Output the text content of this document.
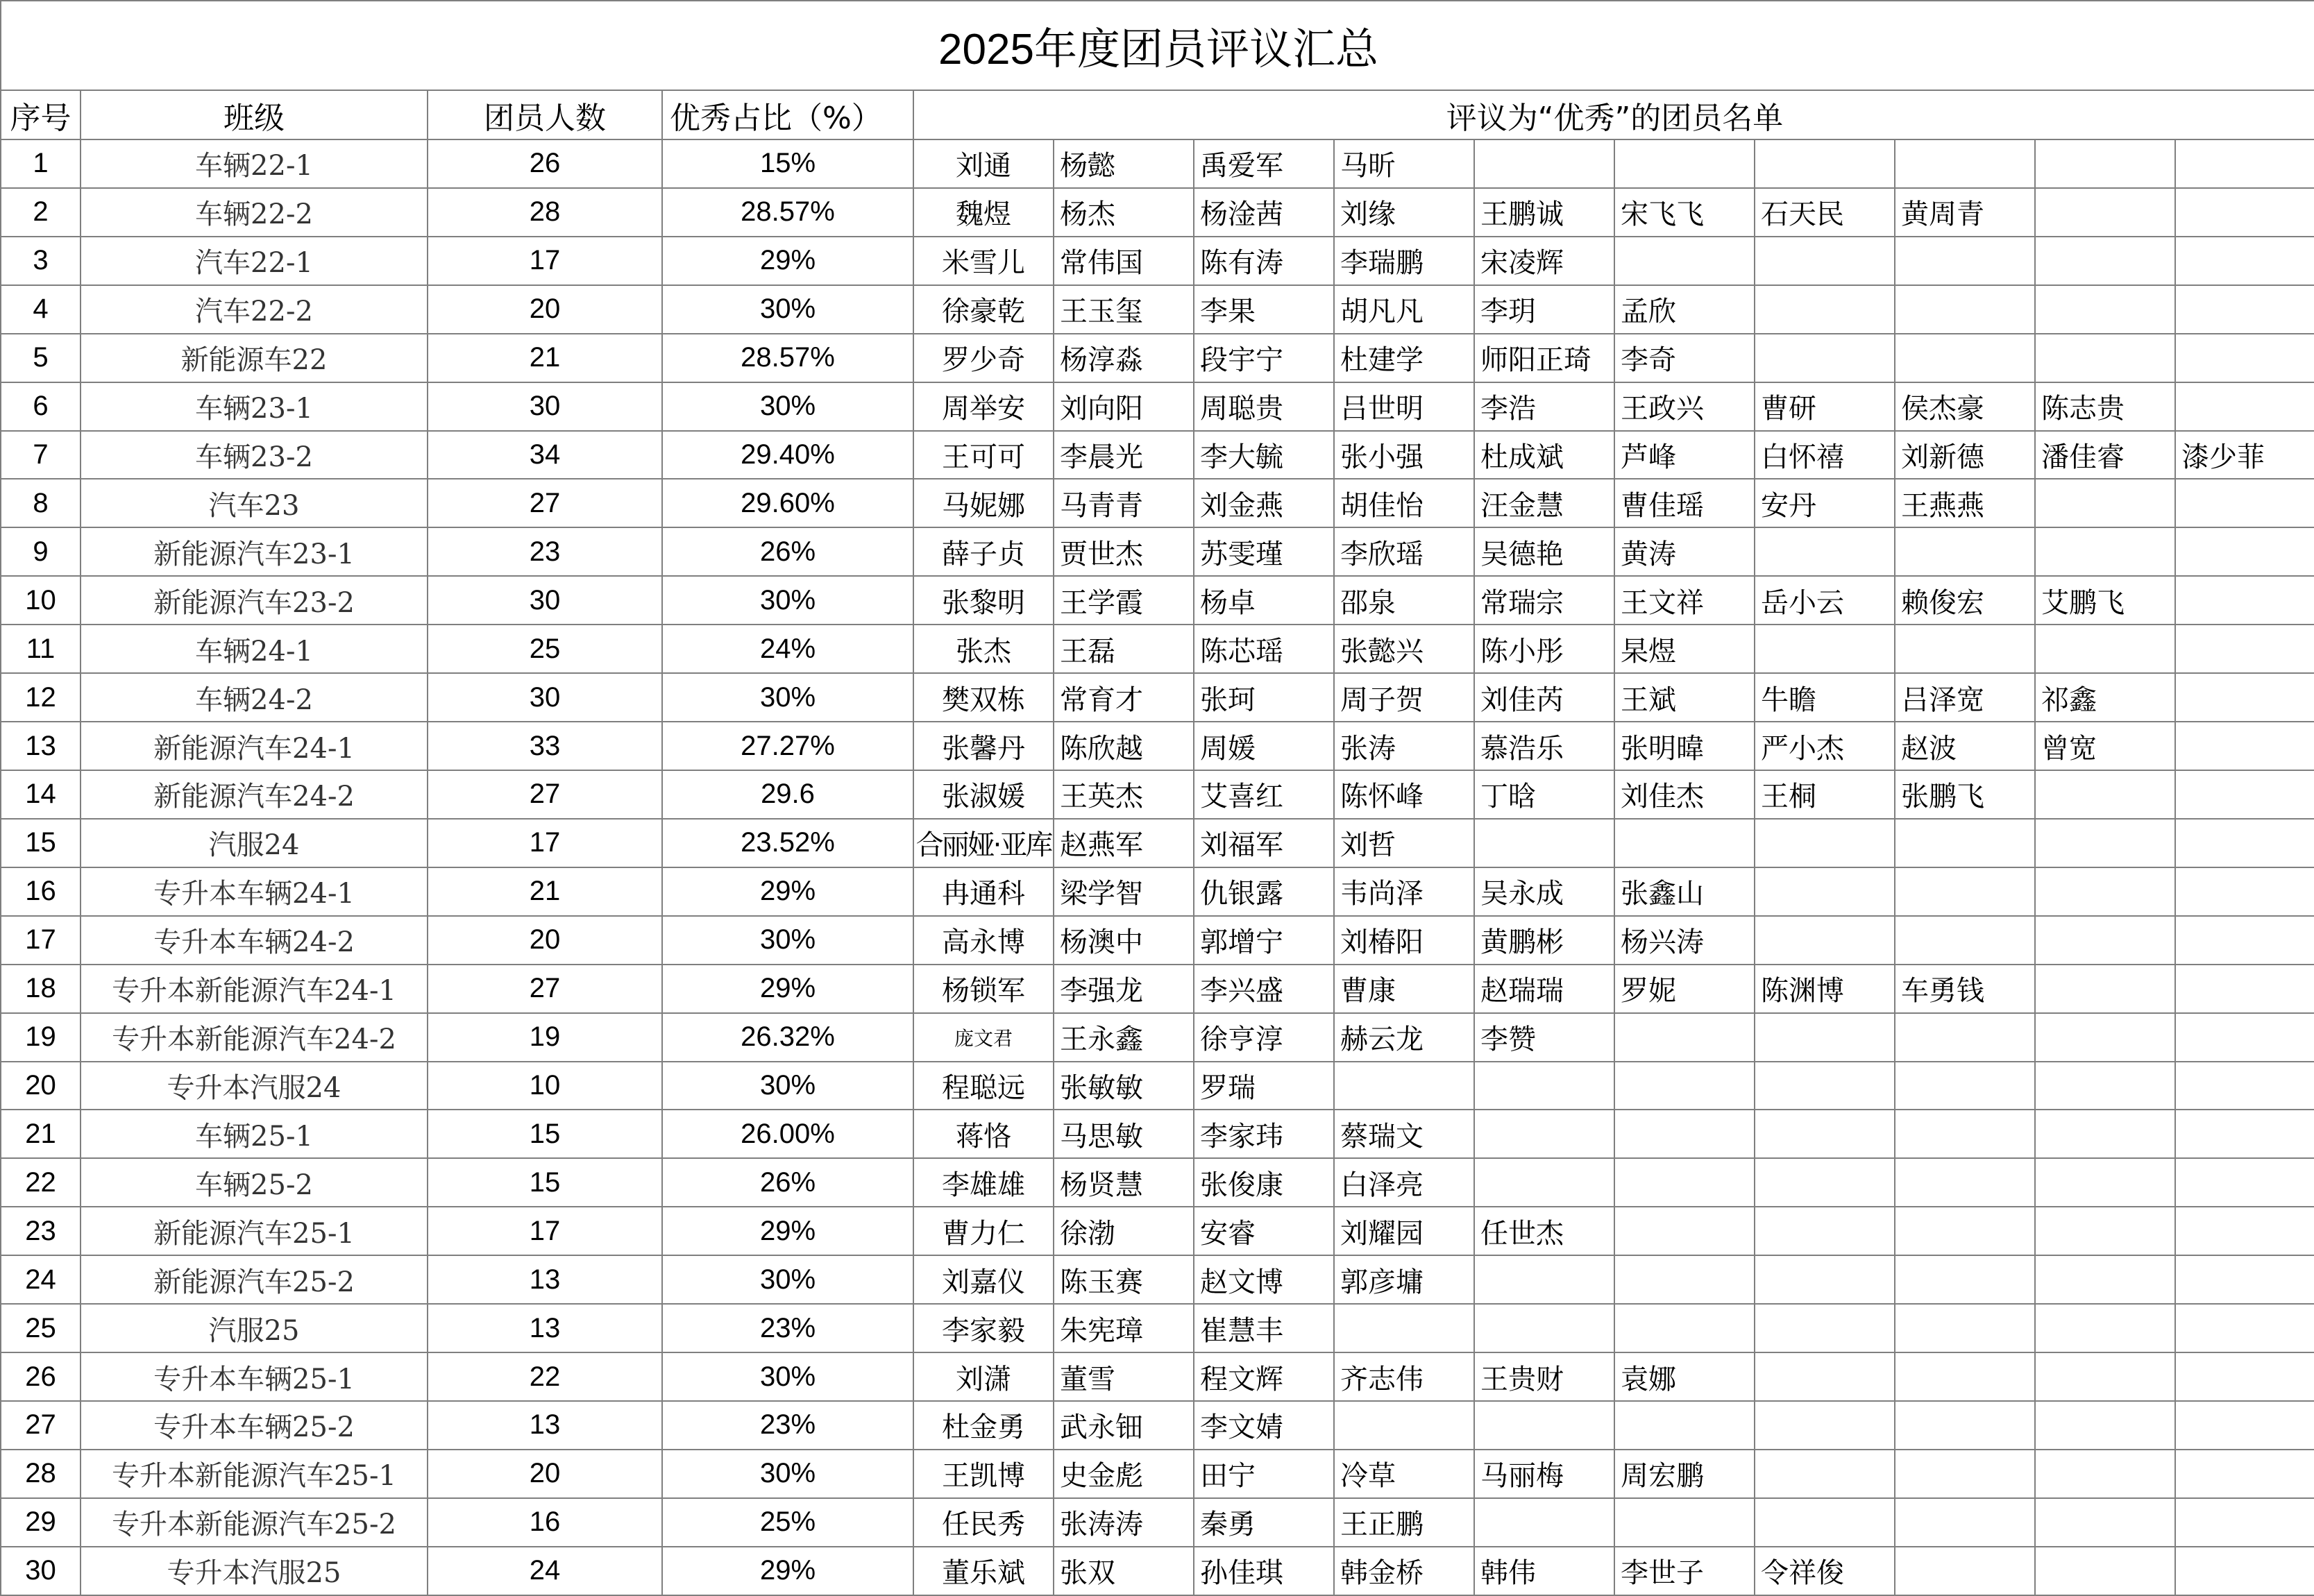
2025年度团员评议汇总													
序号	班级	团员人数	优秀占比（%）	评议为“优秀”的团员名单									
1	车辆22-1	26	15%	刘通	杨懿	禹爱军	马昕						
2	车辆22-2	28	28.57%	魏煜	杨杰	杨淦茜	刘缘	王鹏诚	宋飞飞	石天民	黄周青		
3	汽车22-1	17	29%	米雪儿	常伟国	陈有涛	李瑞鹏	宋凌辉					
4	汽车22-2	20	30%	徐豪乾	王玉玺	李果	胡凡凡	李玥	孟欣				
5	新能源车22	21	28.57%	罗少奇	杨淳淼	段宇宁	杜建学	师阳正琦	李奇				
6	车辆23-1	30	30%	周举安	刘向阳	周聪贵	吕世明	李浩	王政兴	曹研	侯杰豪	陈志贵	
7	车辆23-2	34	29.40%	王可可	李晨光	李大毓	张小强	杜成斌	芦峰	白怀禧	刘新德	潘佳睿	漆少菲
8	汽车23	27	29.60%	马妮娜	马青青	刘金燕	胡佳怡	汪金慧	曹佳瑶	安丹	王燕燕		
9	新能源汽车23-1	23	26%	薛子贞	贾世杰	苏雯瑾	李欣瑶	吴德艳	黄涛				
10	新能源汽车23-2	30	30%	张黎明	王学霞	杨卓	邵泉	常瑞宗	王文祥	岳小云	赖俊宏	艾鹏飞	
11	车辆24-1	25	24%	张杰	王磊	陈芯瑶	张懿兴	陈小彤	杲煜				
12	车辆24-2	30	30%	樊双栋	常育才	张珂	周子贺	刘佳芮	王斌	牛瞻	吕泽宽	祁鑫	
13	新能源汽车24-1	33	27.27%	张馨丹	陈欣越	周媛	张涛	慕浩乐	张明暐	严小杰	赵波	曾宽	
14	新能源汽车24-2	27	29.6	张淑媛	王英杰	艾喜红	陈怀峰	丁晗	刘佳杰	王桐	张鹏飞		
15	汽服24	17	23.52%	合丽娅·亚库	赵燕军	刘福军	刘哲						
16	专升本车辆24-1	21	29%	冉通科	梁学智	仇银露	韦尚泽	吴永成	张鑫山				
17	专升本车辆24-2	20	30%	高永博	杨澳中	郭增宁	刘椿阳	黄鹏彬	杨兴涛				
18	专升本新能源汽车24-1	27	29%	杨锁军	李强龙	李兴盛	曹康	赵瑞瑞	罗妮	陈渊博	车勇钱		
19	专升本新能源汽车24-2	19	26.32%	庞文君	王永鑫	徐亨淳	赫云龙	李赞					
20	专升本汽服24	10	30%	程聪远	张敏敏	罗瑞							
21	车辆25-1	15	26.00%	蒋恪	马思敏	李家玮	蔡瑞文						
22	车辆25-2	15	26%	李雄雄	杨贤慧	张俊康	白泽亮						
23	新能源汽车25-1	17	29%	曹力仁	徐渤	安睿	刘耀园	任世杰					
24	新能源汽车25-2	13	30%	刘嘉仪	陈玉赛	赵文博	郭彦墉						
25	汽服25	13	23%	李家毅	朱宪璋	崔慧丰							
26	专升本车辆25-1	22	30%	刘潇	董雪	程文辉	齐志伟	王贵财	袁娜				
27	专升本车辆25-2	13	23%	杜金勇	武永钿	李文婧							
28	专升本新能源汽车25-1	20	30%	王凯博	史金彪	田宁	冷草	马丽梅	周宏鹏				
29	专升本新能源汽车25-2	16	25%	任民秀	张涛涛	秦勇	王正鹏						
30	专升本汽服25	24	29%	董乐斌	张双	孙佳琪	韩金桥	韩伟	李世子	令祥俊			
